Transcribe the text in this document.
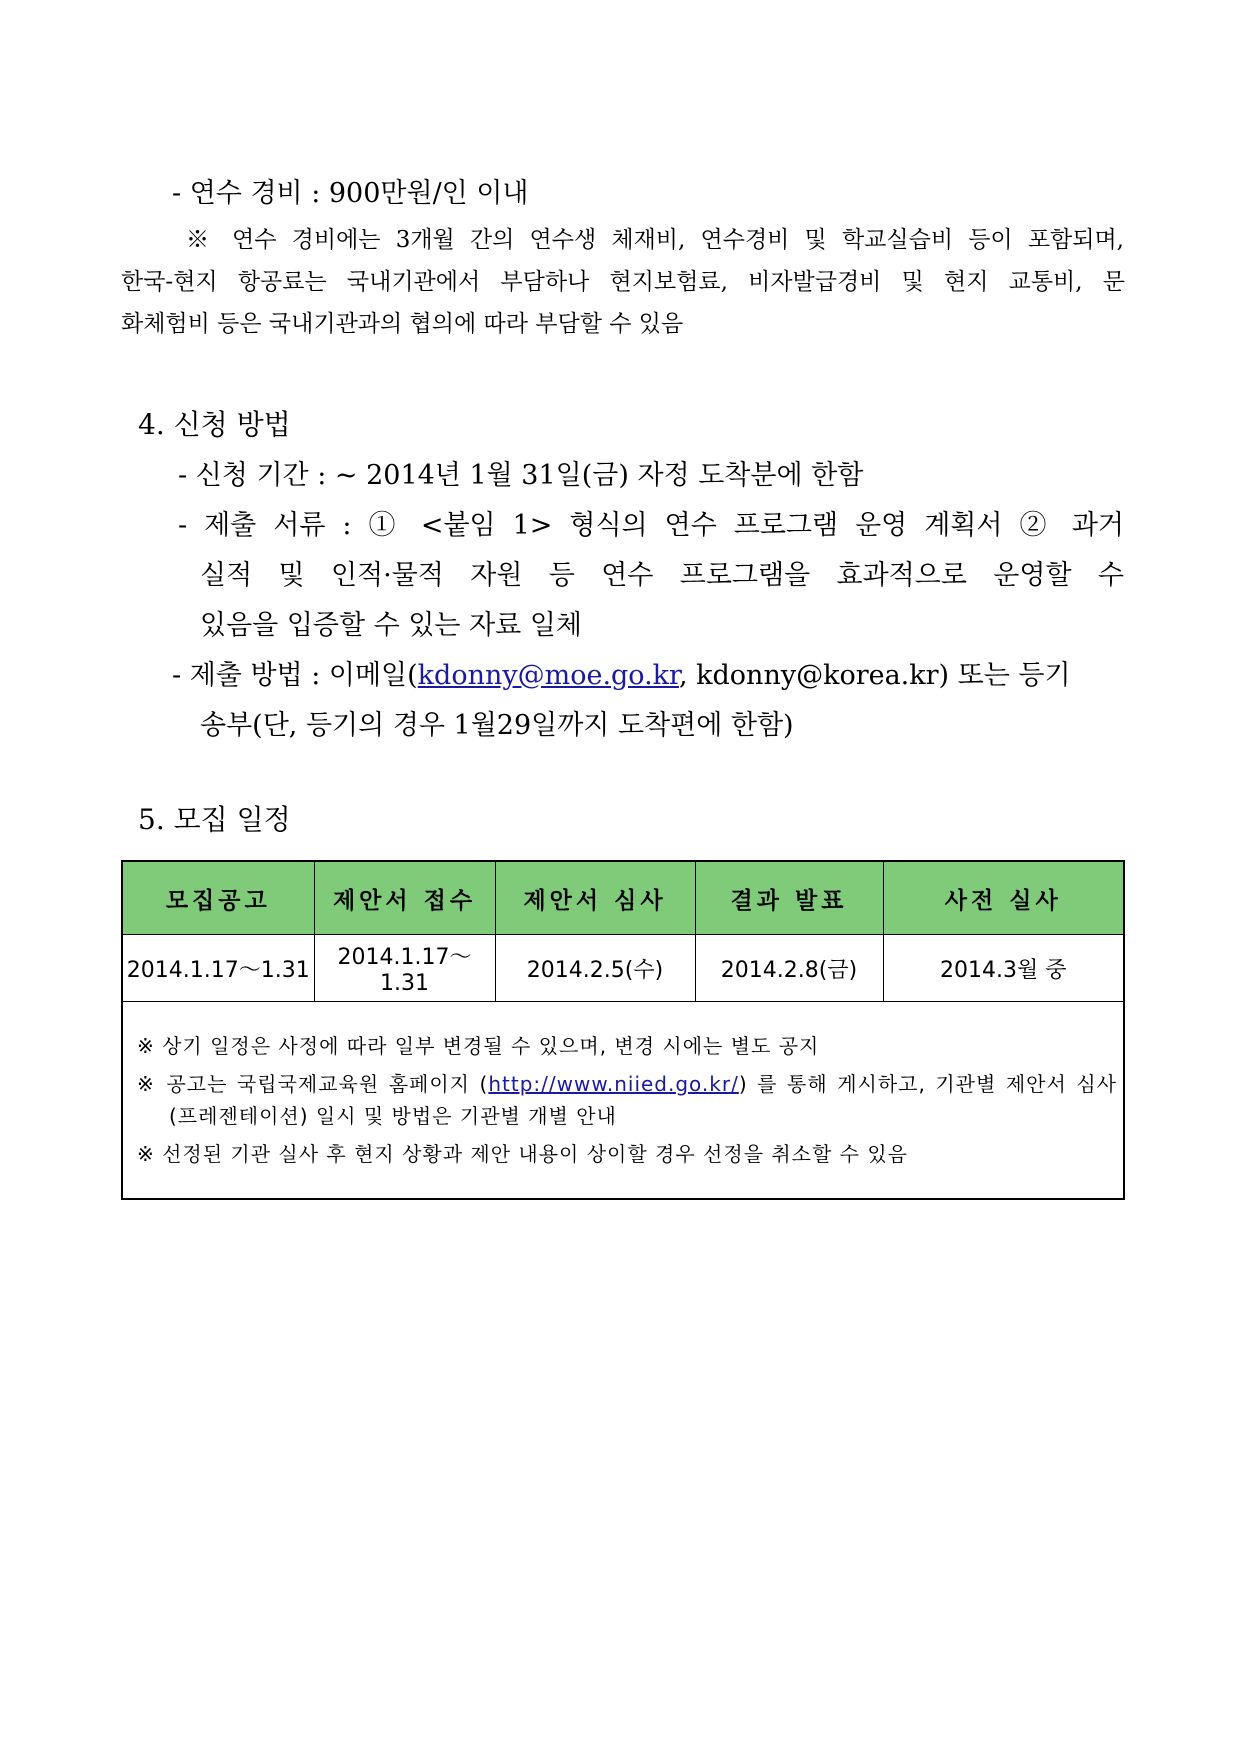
- 연수 경비 : 900만원/인 이내
※ 연수 경비에는 3개월 간의 연수생 체재비, 연수경비 및 학교실습비 등이 포함되며,
한국-현지 항공료는 국내기관에서 부담하나 현지보험료, 비자발급경비 및 현지 교통비, 문
화체험비 등은 국내기관과의 협의에 따라 부담할 수 있음
4. 신청 방법
- 신청 기간 : ~ 2014년 1월 31일(금) 자정 도착분에 한함
- 제출 서류 : ① <붙임 1> 형식의 연수 프로그램 운영 계획서 ② 과거
실적 및 인적·물적 자원 등 연수 프로그램을 효과적으로 운영할 수
있음을 입증할 수 있는 자료 일체
- 제출 방법 : 이메일(kdonny@moe.go.kr, kdonny@korea.kr) 또는 등기
송부(단, 등기의 경우 1월29일까지 도착편에 한함)
5. 모집 일정
모집공고	제안서 접수	제안서 심사	결과 발표	사전 실사
2014.1.17～1.31	2014.1.17～1.31	2014.2.5(수)	2014.2.8(금)	2014.3월 중

※ 상기 일정은 사정에 따라 일부 변경될 수 있으며, 변경 시에는 별도 공지

※ 공고는 국립국제교육원 홈페이지 (http://www.niied.go.kr/) 를 통해 게시하고, 기관별 제안서 심사(프레젠테이션) 일시 및 방법은 기관별 개별 안내

※ 선정된 기관 실사 후 현지 상황과 제안 내용이 상이할 경우 선정을 취소할 수 있음
